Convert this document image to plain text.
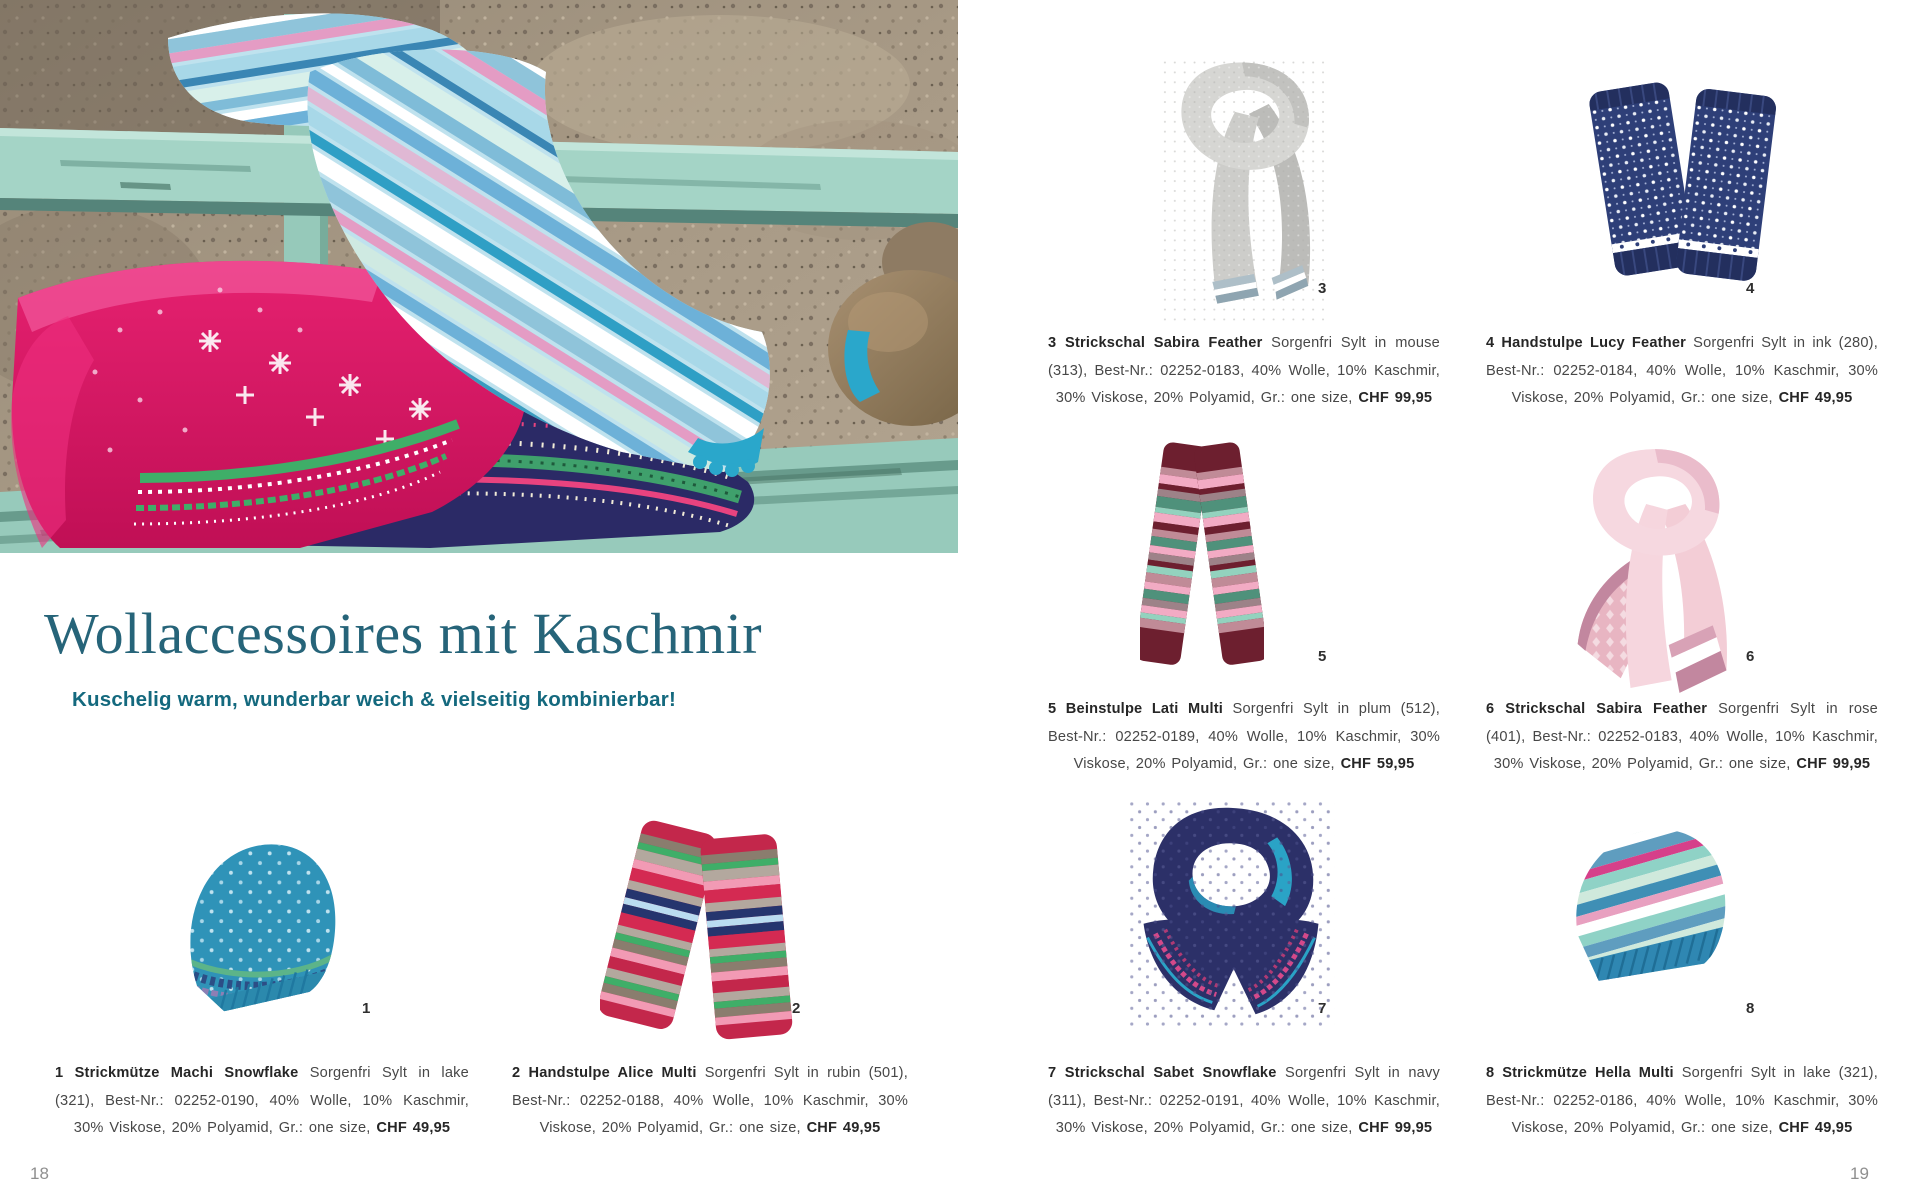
Wollaccessoires mit Kaschmir
Kuschelig warm, wunderbar weich & vielseitig kombinierbar!
1	2
3	4
5	6
7	8
1 Strickmütze Machi Snowflake Sorgenfri Sylt in lake (321), Best-Nr.: 02252-0190, 40% Wolle, 10% Kaschmir, 30% Viskose, 20% Polyamid, Gr.: one size, CHF 49,95
2 Handstulpe Alice Multi Sorgenfri Sylt in rubin (501), Best-Nr.: 02252-0188, 40% Wolle, 10% Kaschmir, 30% Viskose, 20% Polyamid, Gr.: one size, CHF 49,95
3 Strickschal Sabira Feather Sorgenfri Sylt in mouse (313), Best-Nr.: 02252-0183, 40% Wolle, 10% Kaschmir, 30% Viskose, 20% Polyamid, Gr.: one size, CHF 99,95
4 Handstulpe Lucy Feather Sorgenfri Sylt in ink (280), Best-Nr.: 02252-0184, 40% Wolle, 10% Kaschmir, 30% Viskose, 20% Polyamid, Gr.: one size, CHF 49,95
5 Beinstulpe Lati Multi Sorgenfri Sylt in plum (512), Best-Nr.: 02252-0189, 40% Wolle, 10% Kaschmir, 30% Viskose, 20% Polyamid, Gr.: one size, CHF 59,95
6 Strickschal Sabira Feather Sorgenfri Sylt in rose (401), Best-Nr.: 02252-0183, 40% Wolle, 10% Kaschmir, 30% Viskose, 20% Polyamid, Gr.: one size, CHF 99,95
7 Strickschal Sabet Snowflake Sorgenfri Sylt in navy (311), Best-Nr.: 02252-0191, 40% Wolle, 10% Kaschmir, 30% Viskose, 20% Polyamid, Gr.: one size, CHF 99,95
8 Strickmütze Hella Multi Sorgenfri Sylt in lake (321), Best-Nr.: 02252-0186, 40% Wolle, 10% Kaschmir, 30% Viskose, 20% Polyamid, Gr.: one size, CHF 49,95
18	19
